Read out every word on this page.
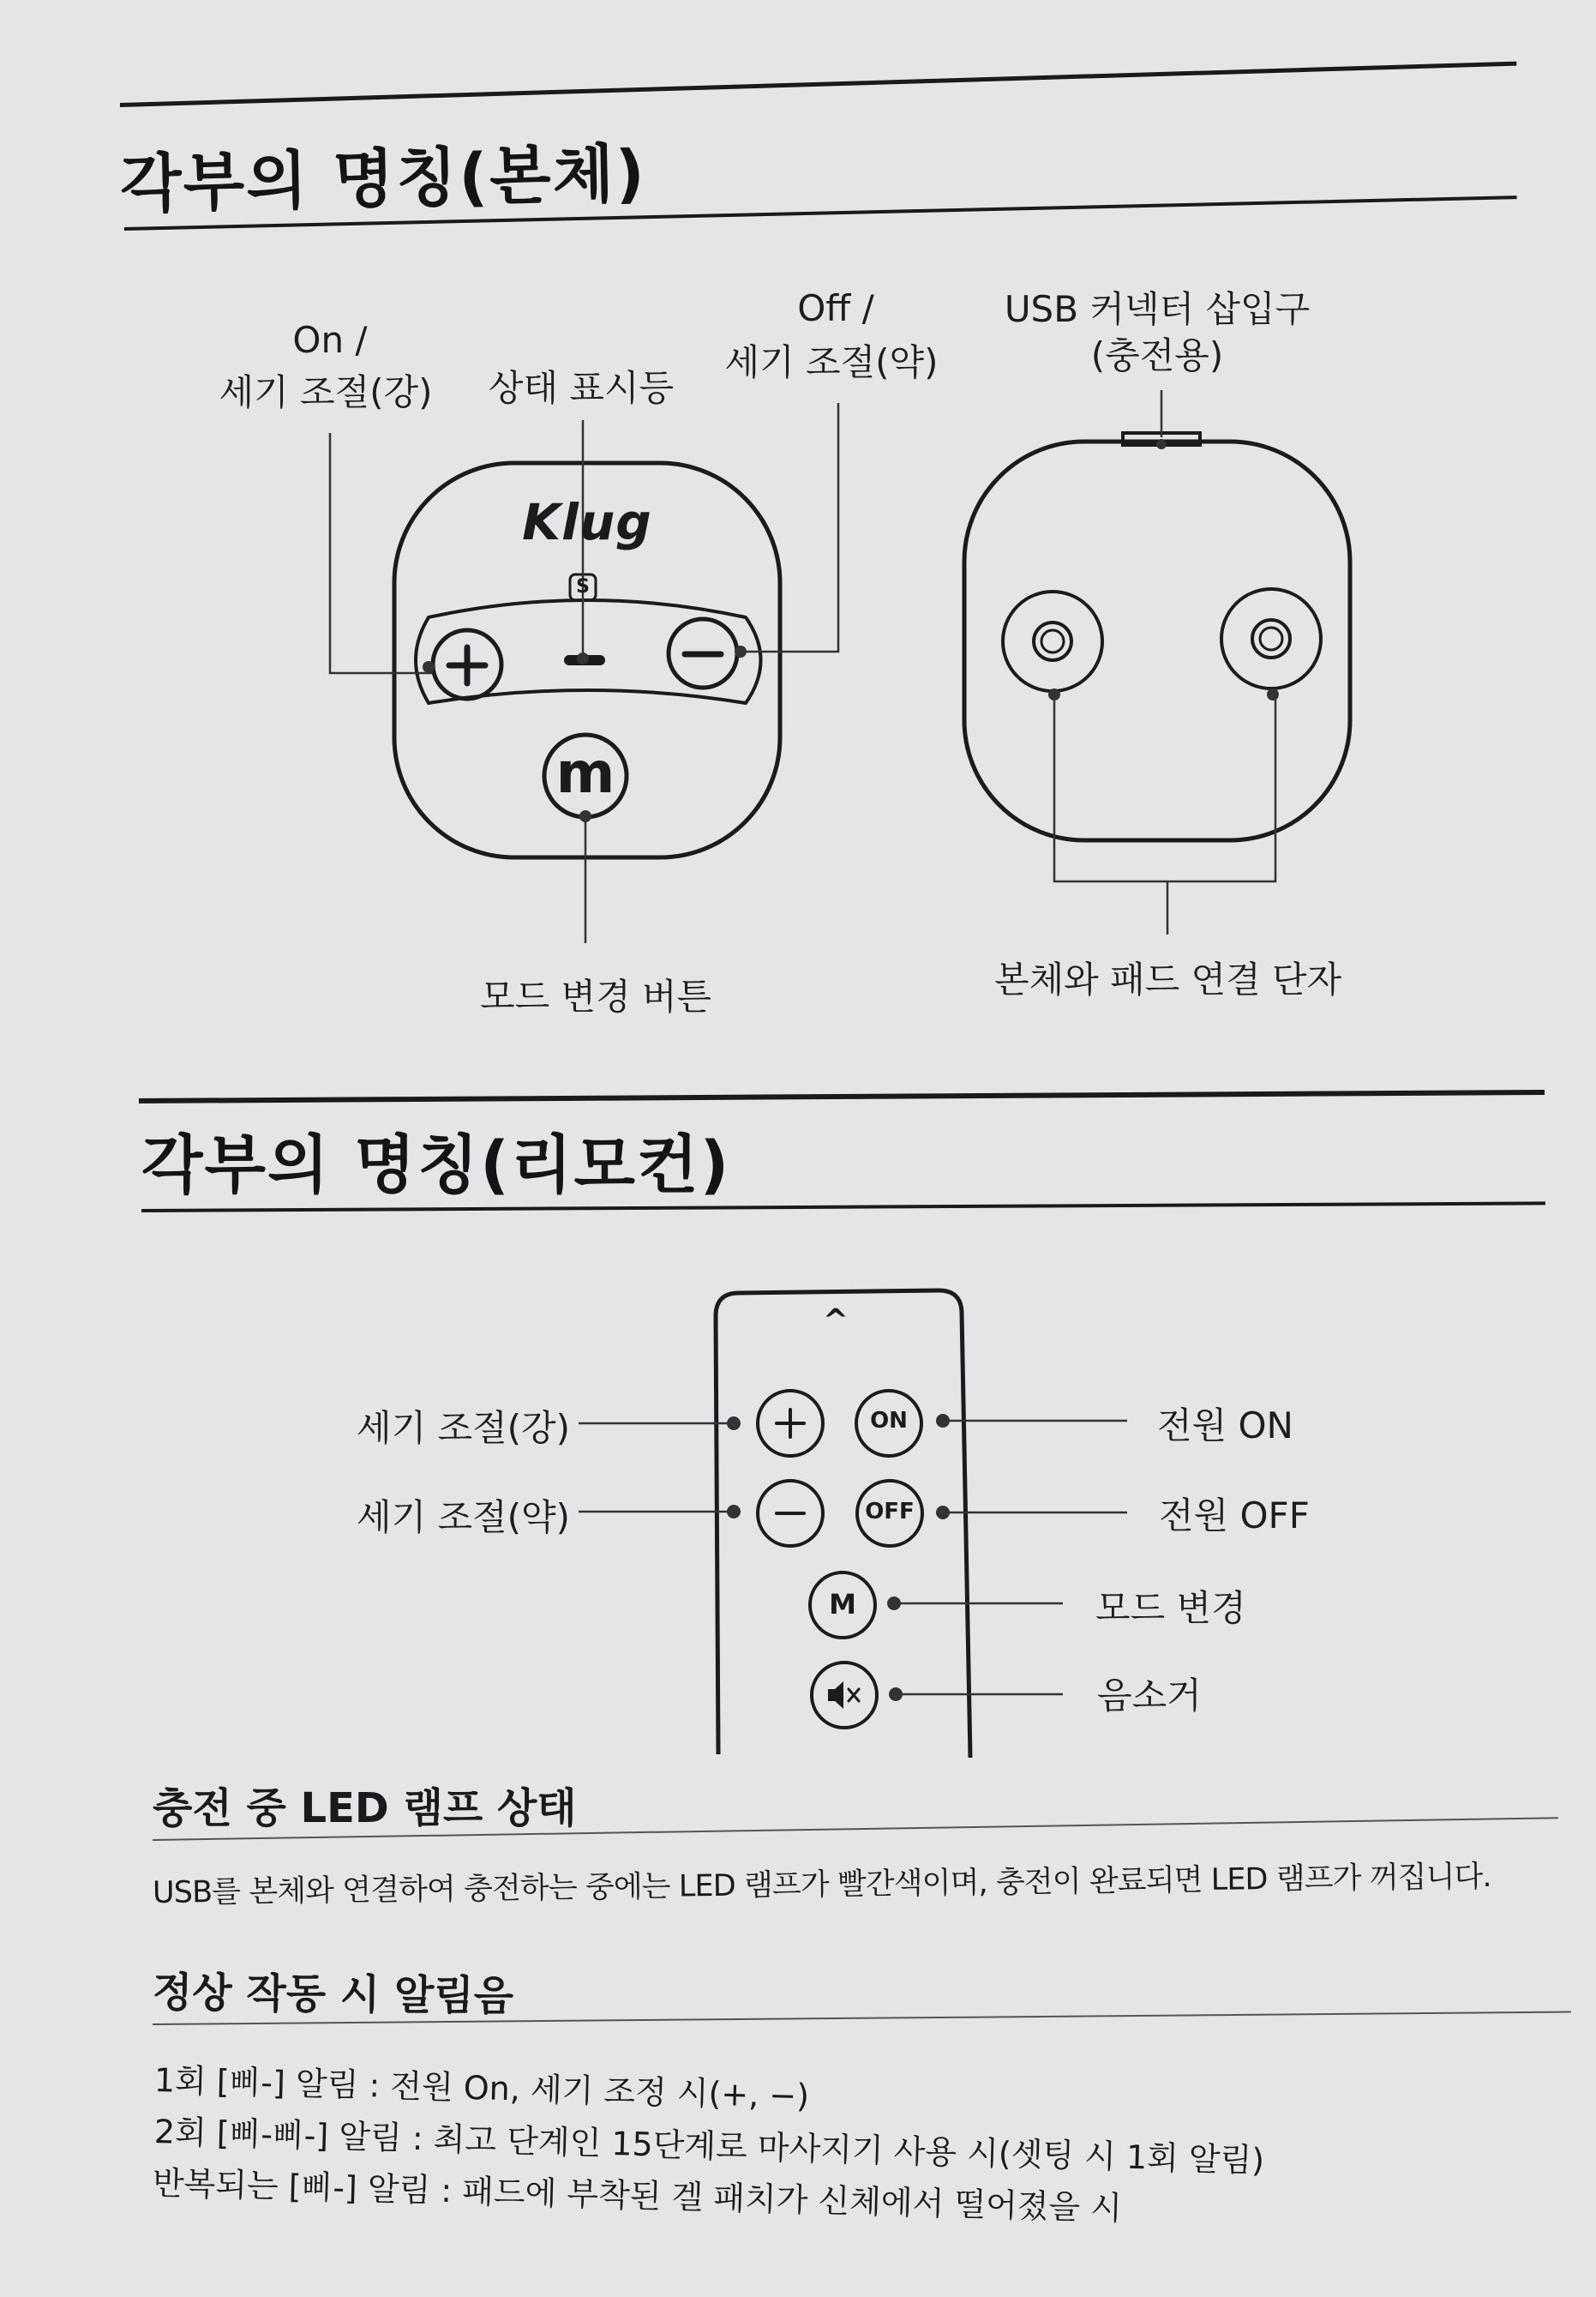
각부의 명칭(본체)
On /
세기 조절(강) 상태 표시등
Off /
세기 조절(약)
모드 변경 버튼
USB 커넥터 삽입구
(충전용)
본체와 패드 연결 단자
Klug
S
m
각부의 명칭(리모컨)
^
ON
OFF
M
세기 조절(강)
세기 조절(약)
전원 ON
전원 OFF
모드 변경
음소거
충전 중 LED 램프 상태
USB를 본체와 연결하여 충전하는 중에는 LED 램프가 빨간색이며, 충전이 완료되면 LED 램프가 꺼집니다.
정상 작동 시 알림음
1회 [삐-] 알림 : 전원 On, 세기 조정 시(+, −)
2회 [삐-삐-] 알림 : 최고 단계인 15단계로 마사지기 사용 시(셋팅 시 1회 알림)
반복되는 [삐-] 알림 : 패드에 부착된 겔 패치가 신체에서 떨어졌을 시
